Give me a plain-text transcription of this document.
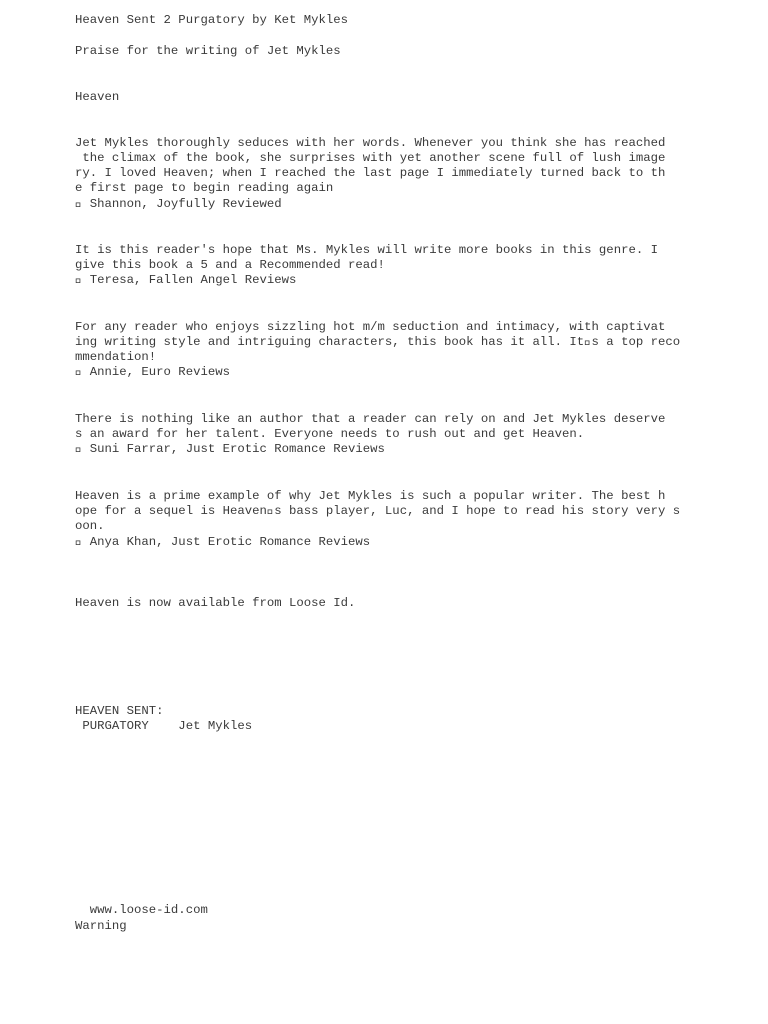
Heaven Sent 2 Purgatory by Ket Mykles

Praise for the writing of Jet Mykles

Heaven

Jet Mykles thoroughly seduces with her words. Whenever you think she has reached

the climax of the book, she surprises with yet another scene full of lush image

ry. I loved Heaven; when I reached the last page I immediately turned back to th

e first page to begin reading again

  Shannon, Joyfully Reviewed

It is this reader's hope that Ms. Mykles will write more books in this genre. I

give this book a 5 and a Recommended read!

  Teresa, Fallen Angel Reviews

For any reader who enjoys sizzling hot m/m seduction and intimacy, with captivat

ing writing style and intriguing characters, this book has it all. It s a top reco

mmendation!

  Annie, Euro Reviews

There is nothing like an author that a reader can rely on and Jet Mykles deserve

s an award for her talent. Everyone needs to rush out and get Heaven.

  Suni Farrar, Just Erotic Romance Reviews

Heaven is a prime example of why Jet Mykles is such a popular writer. The best h

ope for a sequel is Heaven s bass player, Luc, and I hope to read his story very s

oon.

  Anya Khan, Just Erotic Romance Reviews

Heaven is now available from Loose Id.

HEAVEN SENT:

PURGATORY    Jet Mykles

www.loose-id.com

Warning
